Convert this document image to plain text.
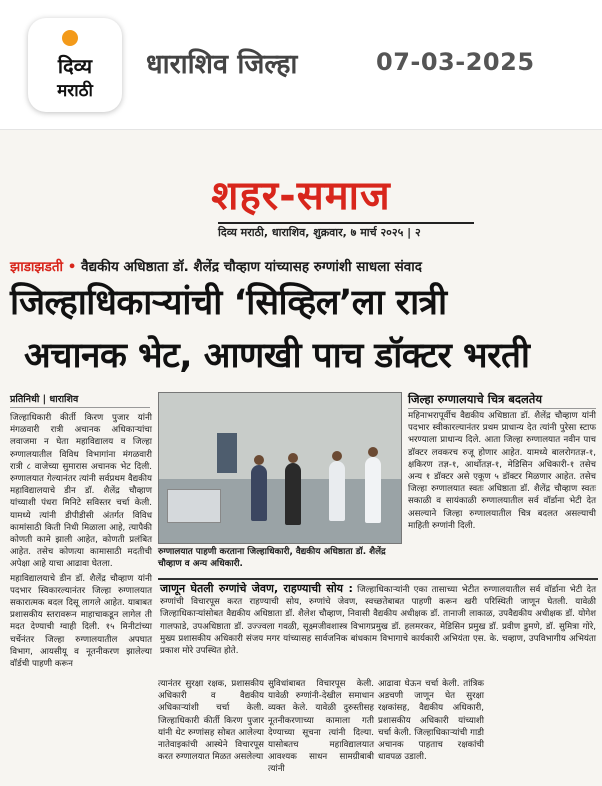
दिव्य
मराठी
धाराशिव जिल्हा	07-03-2025
शहर-समाज
दिव्य मराठी, धाराशिव, शुक्रवार, ७ मार्च २०२५ | २
झाडाझडती • वैद्यकीय अधिष्ठाता डॉ. शैलेंद्र चौव्हाण यांच्यासह रुग्णांशी साधला संवाद
जिल्हाधिकाऱ्यांची ‘सिव्हिल’ला रात्री
अचानक भेट, आणखी पाच डॉक्टर भरती
प्रतिनिधी | धाराशिव

जिल्हाधिकारी कीर्ती किरण पुजार यांनी मंगळवारी रात्री अचानक अधिकाऱ्यांचा लवाजमा न घेता महाविद्यालय व जिल्हा रुग्णालयातील विविध विभागांना मंगळवारी रात्री ८ वाजेच्या सुमारास अचानक भेट दिली. रुग्णालयात गेल्यानंतर त्यांनी सर्वप्रथम वैद्यकीय महाविद्यालयाचे डीन डॉ. शैलेंद्र चौव्हाण यांच्याशी पंधरा मिनिटे सविस्तर चर्चा केली. यामध्ये त्यांनी डीपीडीसी अंतर्गत विविध कामांसाठी किती निधी मिळाला आहे, त्यापैकी कोणती कामे झाली आहेत, कोणती प्रलंबित आहेत. तसेच कोणत्या कामासाठी मदतीची अपेक्षा आहे याचा आढावा घेतला.

महाविद्यालयाचे डीन डॉ. शैलेंद्र चौव्हाण यांनी पदभार स्विकारल्यानंतर जिल्हा रुग्णालयात सकारात्मक बदल दिसू लागले आहेत. याबाबत प्रशासकीय स्तरावरून माहाचाकडून लागेल ती मदत देण्याची ग्वाही दिली. १५ मिनीटांच्या चर्चेनंतर जिल्हा रुग्णालयातील अपघात विभाग, आयसीयू व नूतनीकरण झालेल्या वॉर्डची पाहणी करून

रुग्णालयात पाहणी करताना जिल्हाधिकारी, वैद्यकीय अधिष्ठाता डॉ. शैलेंद्र चौव्हाण व अन्य अधिकारी.
जिल्हा रुग्णालयाचे चित्र बदलतेय
महिनाभरापूर्वीच वैद्यकीय अधिष्ठाता डॉ. शैलेंद्र चौव्हाण यांनी पदभार स्वीकारल्यानंतर प्रथम प्राधान्य देत त्यांनी पुरेसा स्टाफ भरण्याला प्राधान्य दिले. आता जिल्हा रुग्णालयात नवीन पाच डॉक्टर लवकरच रुजू होणार आहेत. यामध्ये बालरोगतज्ञ-१, क्षकिरण तज्ञ-१, आर्थोतज्ञ-१, मेडिसिन अधिकारी-१ तसेच अन्य १ डॉक्टर असे एकूण ५ डॉक्टर मिळणार आहेत. तसेच जिल्हा रुग्णालयात स्वतः अधिष्ठाता डॉ. शैलेंद्र चौव्हाण स्वतः सकाळी व सायंकाळी रुग्णालयातील सर्व वॉर्डाना भेटी देत असल्याने जिल्हा रुग्णालयातील चित्र बदलत असल्याची माहिती रुग्णांनी दिली.
जाणून घेतली रुग्णांचे जेवण, राहण्याची सोय : जिल्हाधिकाऱ्यांनी एका तासाच्या भेटीत रुग्णालयातील सर्व वॉर्डाना भेटी देत रुग्णांची विचारपूस करत राहण्याची सोय, रुग्णांचे जेवण, स्वच्छतेबाबत पाहणी करून खरी परिस्थिती जाणून घेतली. यावेळी जिल्हाधिकाऱ्यांसोबत वैद्यकीय अधिष्ठाता डॉ. शैलेश चौव्हाण, निवासी वैद्यकीय अधीक्षक डॉ. तानाजी लाकाळ, उपवैद्यकीय अधीक्षक डॉ. योगेश गालफाडे, उपअधिष्ठाता डॉ. उज्ज्वला गवळी, सूक्ष्मजीवशास्त्र विभागप्रमुख डॉ. हलमरकर, मेडिसिन प्रमुख डॉ. प्रवीण डुमणे, डॉ. सुमित्रा गोरे, मुख्य प्रशासकीय अधिकारी संजय मगर यांच्यासह सार्वजनिक बांधकाम विभागाचे कार्यकारी अभियंता एस. के. चव्हाण, उपविभागीय अभियंता प्रकाश मोरे उपस्थित होते.
त्यानंतर सुरक्षा रक्षक, प्रशासकीय अधिकारी व वैद्यकीय अधिकाऱ्यांशी चर्चा केली. जिल्हाधिकारी कीर्ती किरण पुजार यांनी थेट रुग्णांसह सोबत आलेल्या नातेवाइकांची आस्थेने विचारपूस करत रुग्णालयात मिळत असलेल्या
सुविधांबाबत विचारपूस केली. यावेळी रुग्णांनी-देखील समाधान व्यक्त केले. यावेळी दुरुस्तीसह नूतनीकरणाच्या कामाला गती देण्याच्या सूचना त्यांनी दिल्या. यासोबतच महाविद्यालयात आवश्यक साधन सामग्रीबाबी त्यांनी
आढावा घेऊन चर्चा केली. तांत्रिक अडचणी जाणून घेत सुरक्षा रक्षकांसह, वैद्यकीय अधिकारी, प्रशासकीय अधिकारी यांच्याशी चर्चा केली. जिल्हाधिकाऱ्यांची गाडी अचानक पाहताच रक्षकांची धावपळ उडाली.
